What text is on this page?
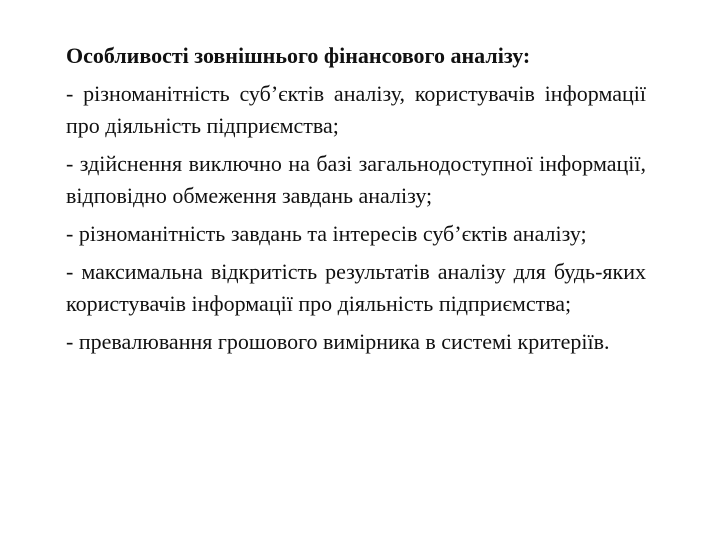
Особливості зовнішнього фінансового аналізу:

- різноманітність суб’єктів аналізу, користувачів інформації про діяльність підприємства;

- здійснення виключно на базі загальнодоступної інформації, відповідно обмеження завдань аналізу;

- різноманітність завдань та інтересів суб’єктів аналізу;

- максимальна відкритість результатів аналізу для будь-яких користувачів інформації про діяльність підприємства;

- превалювання грошового вимірника в системі критеріїв.
